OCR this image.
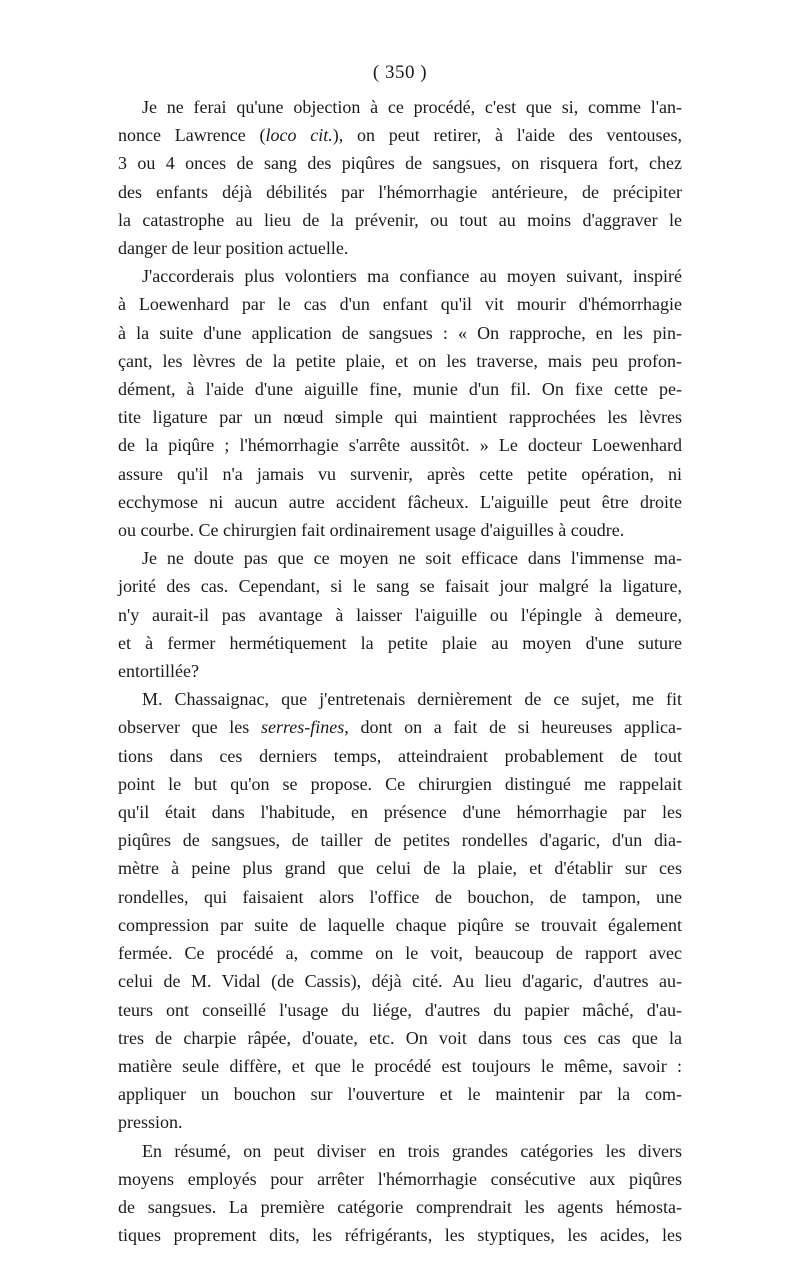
( 350 )

Je ne ferai qu'une objection à ce procédé, c'est que si, comme l'an-
nonce Lawrence (loco cit.), on peut retirer, à l'aide des ventouses,
3 ou 4 onces de sang des piqûres de sangsues, on risquera fort, chez
des enfants déjà débilités par l'hémorrhagie antérieure, de précipiter
la catastrophe au lieu de la prévenir, ou tout au moins d'aggraver le
danger de leur position actuelle.

J'accorderais plus volontiers ma confiance au moyen suivant, inspiré
à Loewenhard par le cas d'un enfant qu'il vit mourir d'hémorrhagie
à la suite d'une application de sangsues : « On rapproche, en les pin-
çant, les lèvres de la petite plaie, et on les traverse, mais peu profon-
dément, à l'aide d'une aiguille fine, munie d'un fil. On fixe cette pe-
tite ligature par un nœud simple qui maintient rapprochées les lèvres
de la piqûre ; l'hémorrhagie s'arrête aussitôt. » Le docteur Loewenhard
assure qu'il n'a jamais vu survenir, après cette petite opération, ni
ecchymose ni aucun autre accident fâcheux. L'aiguille peut être droite
ou courbe. Ce chirurgien fait ordinairement usage d'aiguilles à coudre.

Je ne doute pas que ce moyen ne soit efficace dans l'immense ma-
jorité des cas. Cependant, si le sang se faisait jour malgré la ligature,
n'y aurait-il pas avantage à laisser l'aiguille ou l'épingle à demeure,
et à fermer hermétiquement la petite plaie au moyen d'une suture
entortillée?

M. Chassaignac, que j'entretenais dernièrement de ce sujet, me fit
observer que les serres-fines, dont on a fait de si heureuses applica-
tions dans ces derniers temps, atteindraient probablement de tout
point le but qu'on se propose. Ce chirurgien distingué me rappelait
qu'il était dans l'habitude, en présence d'une hémorrhagie par les
piqûres de sangsues, de tailler de petites rondelles d'agaric, d'un dia-
mètre à peine plus grand que celui de la plaie, et d'établir sur ces
rondelles, qui faisaient alors l'office de bouchon, de tampon, une
compression par suite de laquelle chaque piqûre se trouvait également
fermée. Ce procédé a, comme on le voit, beaucoup de rapport avec
celui de M. Vidal (de Cassis), déjà cité. Au lieu d'agaric, d'autres au-
teurs ont conseillé l'usage du liége, d'autres du papier mâché, d'au-
tres de charpie râpée, d'ouate, etc. On voit dans tous ces cas que la
matière seule diffère, et que le procédé est toujours le même, savoir :
appliquer un bouchon sur l'ouverture et le maintenir par la com-
pression.

En résumé, on peut diviser en trois grandes catégories les divers
moyens employés pour arrêter l'hémorrhagie consécutive aux piqûres
de sangsues. La première catégorie comprendrait les agents hémosta-
tiques proprement dits, les réfrigérants, les styptiques, les acides, les
